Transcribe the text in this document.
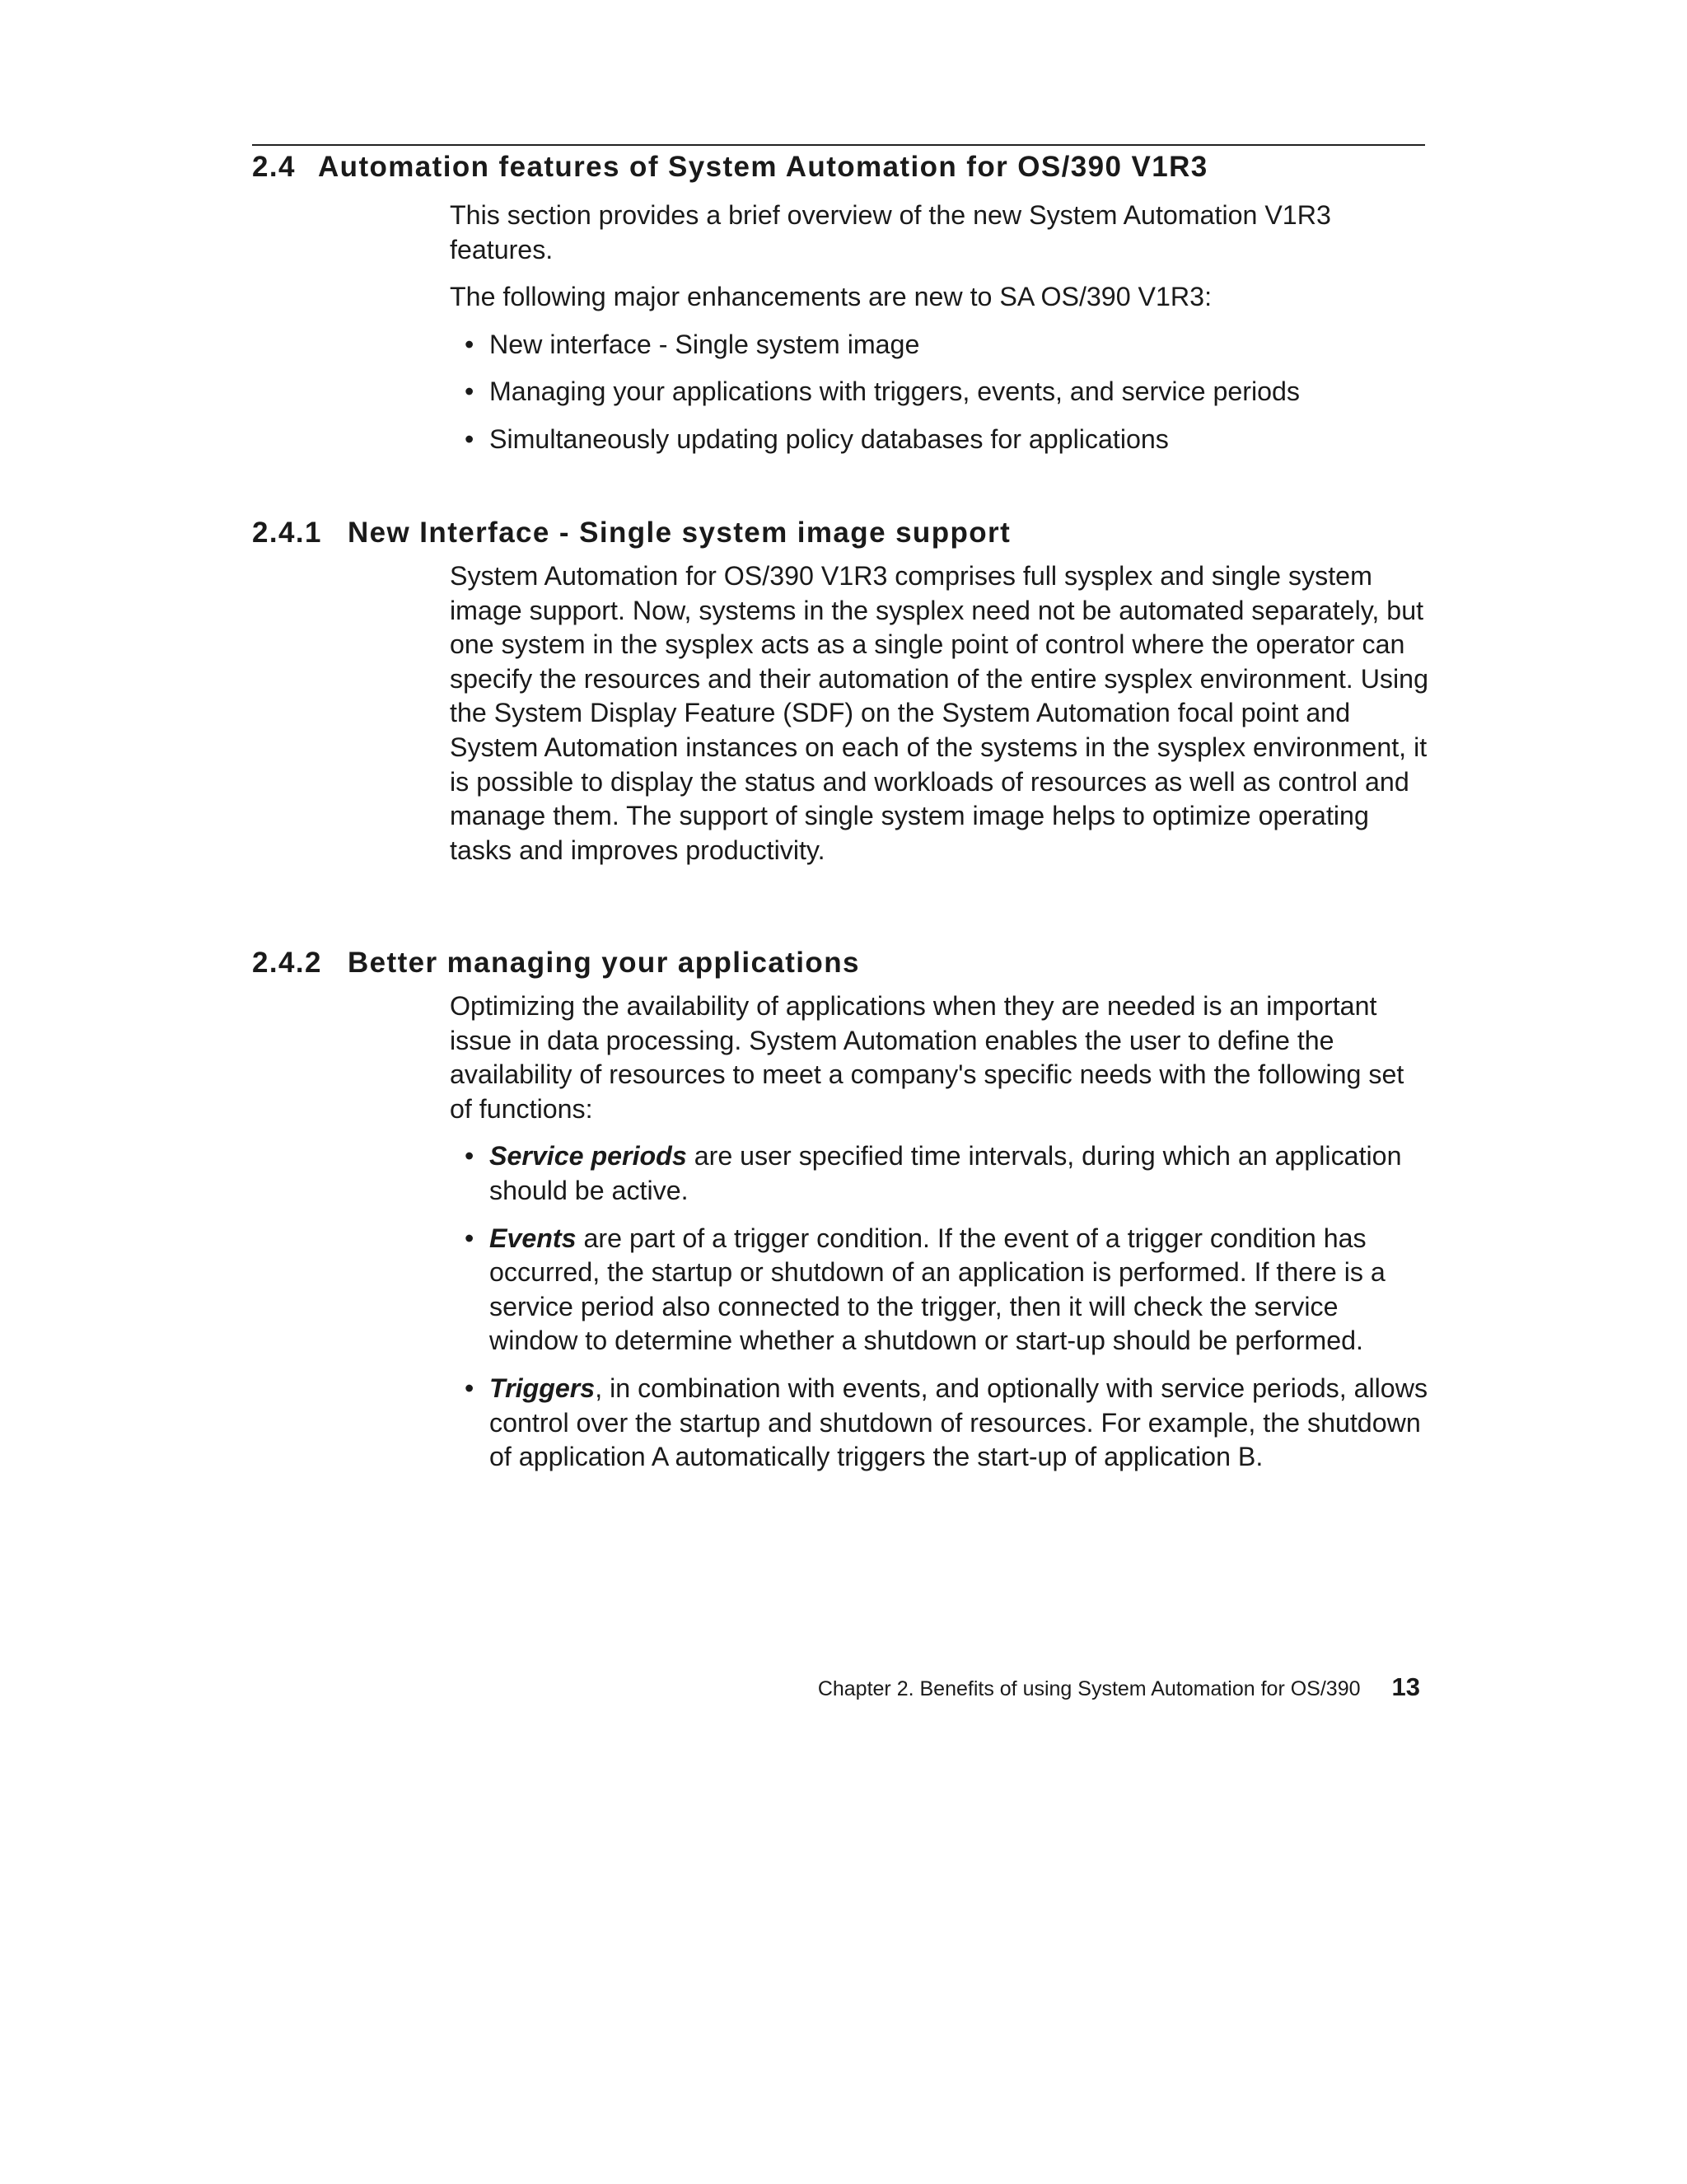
2.4 Automation features of System Automation for OS/390 V1R3

This section provides a brief overview of the new System Automation V1R3 features.

The following major enhancements are new to SA OS/390 V1R3:

• New interface - Single system image
• Managing your applications with triggers, events, and service periods
• Simultaneously updating policy databases for applications
2.4.1 New Interface - Single system image support

System Automation for OS/390 V1R3 comprises full sysplex and single system image support. Now, systems in the sysplex need not be automated separately, but one system in the sysplex acts as a single point of control where the operator can specify the resources and their automation of the entire sysplex environment. Using the System Display Feature (SDF) on the System Automation focal point and System Automation instances on each of the systems in the sysplex environment, it is possible to display the status and workloads of resources as well as control and manage them. The support of single system image helps to optimize operating tasks and improves productivity.

2.4.2 Better managing your applications

Optimizing the availability of applications when they are needed is an important issue in data processing. System Automation enables the user to define the availability of resources to meet a company's specific needs with the following set of functions:

• Service periods are user specified time intervals, during which an application should be active.
• Events are part of a trigger condition. If the event of a trigger condition has occurred, the startup or shutdown of an application is performed. If there is a service period also connected to the trigger, then it will check the service window to determine whether a shutdown or start-up should be performed.
• Triggers, in combination with events, and optionally with service periods, allows control over the startup and shutdown of resources. For example, the shutdown of application A automatically triggers the start-up of application B.
Chapter 2. Benefits of using System Automation for OS/390 13
